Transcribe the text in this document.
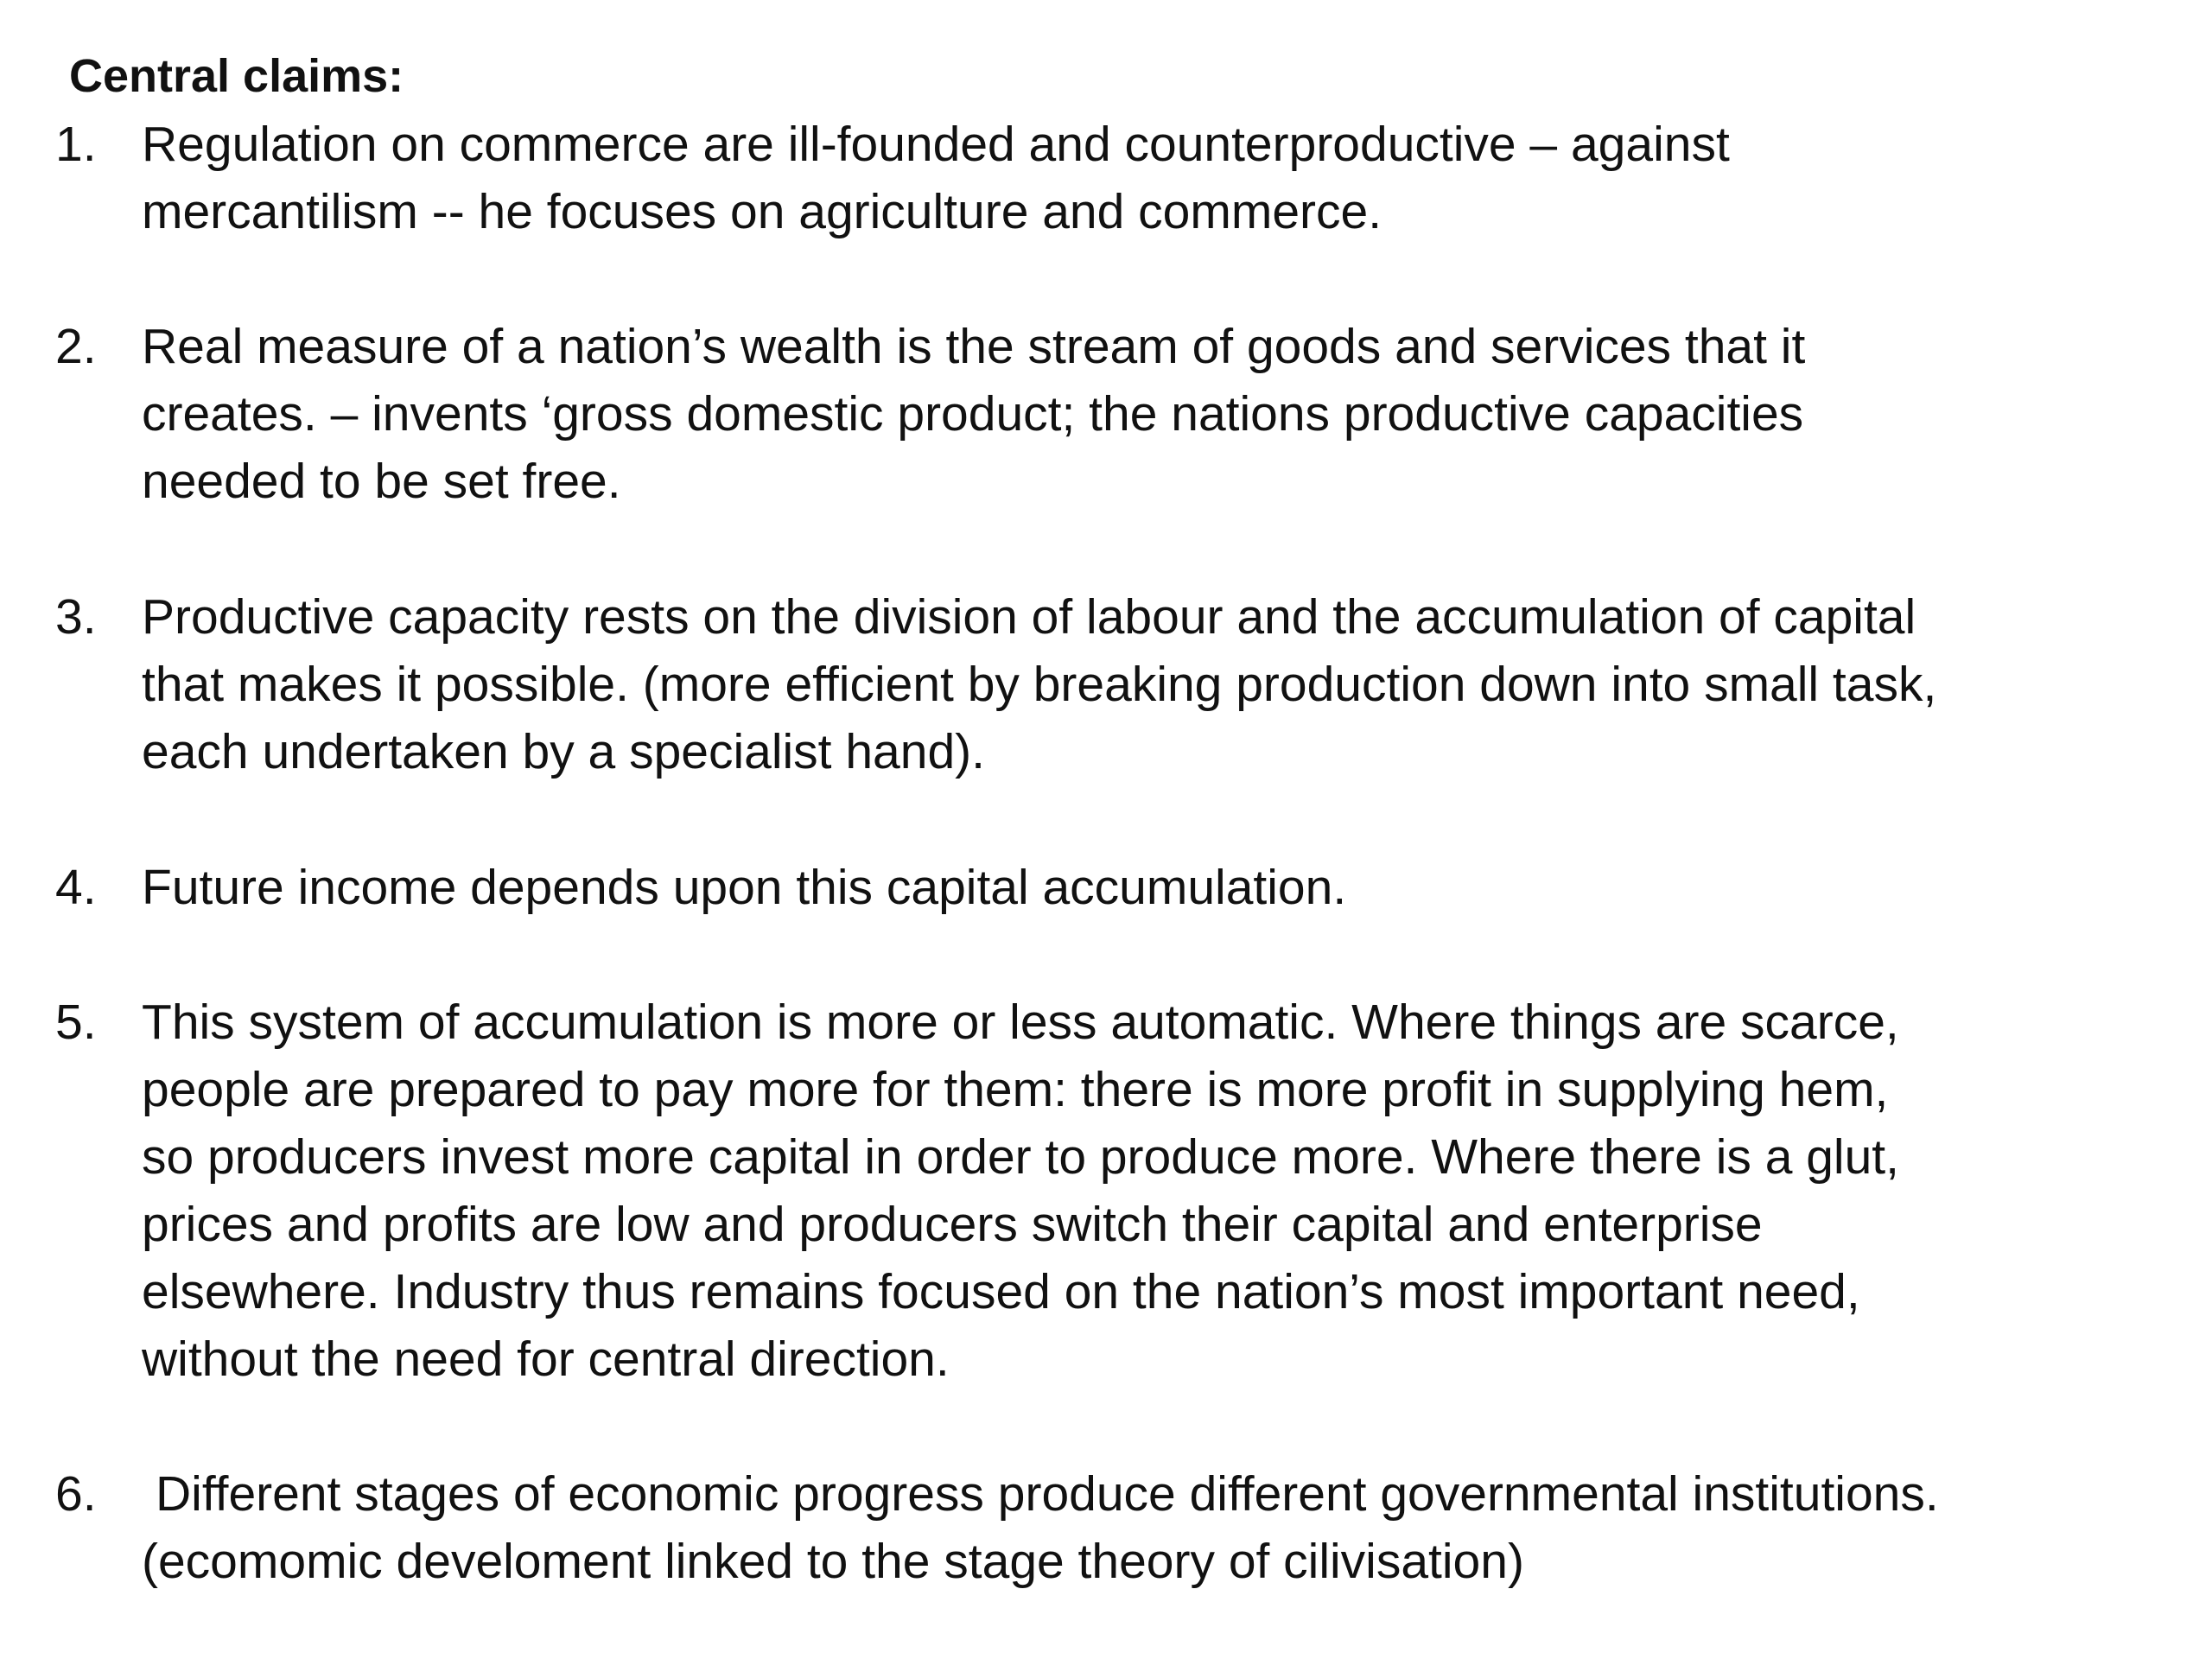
Central claims:
1. Regulation on commerce are ill-founded and counterproductive – against
mercantilism -- he focuses on agriculture and commerce.
2. Real measure of a nation’s wealth is the stream of goods and services that it
creates. – invents ‘gross domestic product; the nations productive capacities
needed to be set free.
3. Productive capacity rests on the division of labour and the accumulation of capital
that makes it possible. (more efficient by breaking production down into small task,
each undertaken by a specialist hand).
4. Future income depends upon this capital accumulation.
5. This system of accumulation is more or less automatic. Where things are scarce,
people are prepared to pay more for them: there is more profit in supplying hem,
so producers invest more capital in order to produce more. Where there is a glut,
prices and profits are low and producers switch their capital and enterprise
elsewhere. Industry thus remains focused on the nation’s most important need,
without the need for central direction.
6. Different stages of economic progress produce different governmental institutions.
(ecomomic develoment linked to the stage theory of cilivisation)
